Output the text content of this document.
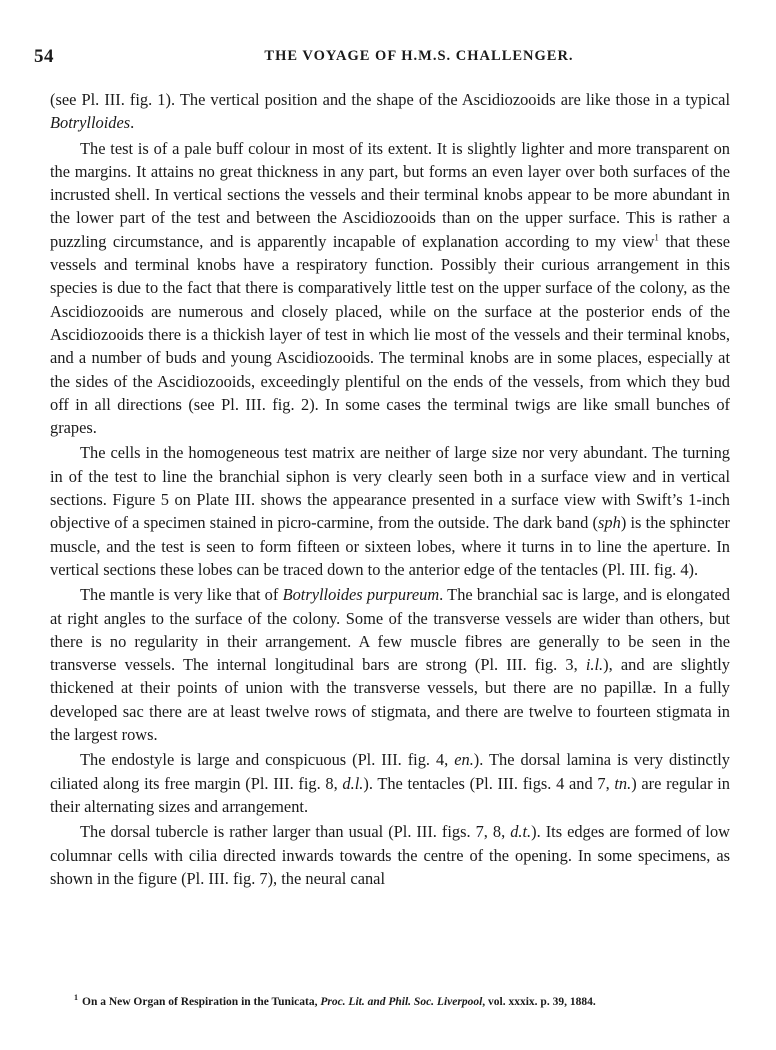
54	THE VOYAGE OF H.M.S. CHALLENGER.

(see Pl. III. fig. 1). The vertical position and the shape of the Ascidiozooids are like those in a typical Botrylloides.

The test is of a pale buff colour in most of its extent. It is slightly lighter and more transparent on the margins. It attains no great thickness in any part, but forms an even layer over both surfaces of the incrusted shell. In vertical sections the vessels and their terminal knobs appear to be more abundant in the lower part of the test and between the Ascidiozooids than on the upper surface. This is rather a puzzling circumstance, and is apparently incapable of explanation according to my view$^1$ that these vessels and terminal knobs have a respiratory function. Possibly their curious arrangement in this species is due to the fact that there is comparatively little test on the upper surface of the colony, as the Ascidiozooids are numerous and closely placed, while on the surface at the posterior ends of the Ascidiozooids there is a thickish layer of test in which lie most of the vessels and their terminal knobs, and a number of buds and young Ascidiozooids. The terminal knobs are in some places, especially at the sides of the Ascidiozooids, exceedingly plentiful on the ends of the vessels, from which they bud off in all directions (see Pl. III. fig. 2). In some cases the terminal twigs are like small bunches of grapes.

The cells in the homogeneous test matrix are neither of large size nor very abundant. The turning in of the test to line the branchial siphon is very clearly seen both in a surface view and in vertical sections. Figure 5 on Plate III. shows the appearance presented in a surface view with Swift’s 1-inch objective of a specimen stained in picro-carmine, from the outside. The dark band (sph) is the sphincter muscle, and the test is seen to form fifteen or sixteen lobes, where it turns in to line the aperture. In vertical sections these lobes can be traced down to the anterior edge of the tentacles (Pl. III. fig. 4).

The mantle is very like that of Botrylloides purpureum. The branchial sac is large, and is elongated at right angles to the surface of the colony. Some of the transverse vessels are wider than others, but there is no regularity in their arrangement. A few muscle fibres are generally to be seen in the transverse vessels. The internal longitudinal bars are strong (Pl. III. fig. 3, i.l.), and are slightly thickened at their points of union with the transverse vessels, but there are no papillæ. In a fully developed sac there are at least twelve rows of stigmata, and there are twelve to fourteen stigmata in the largest rows.

The endostyle is large and conspicuous (Pl. III. fig. 4, en.). The dorsal lamina is very distinctly ciliated along its free margin (Pl. III. fig. 8, d.l.). The tentacles (Pl. III. figs. 4 and 7, tn.) are regular in their alternating sizes and arrangement.

The dorsal tubercle is rather larger than usual (Pl. III. figs. 7, 8, d.t.). Its edges are formed of low columnar cells with cilia directed inwards towards the centre of the opening. In some specimens, as shown in the figure (Pl. III. fig. 7), the neural canal

$^1$ On a New Organ of Respiration in the Tunicata, Proc. Lit. and Phil. Soc. Liverpool, vol. xxxix. p. 39, 1884.
